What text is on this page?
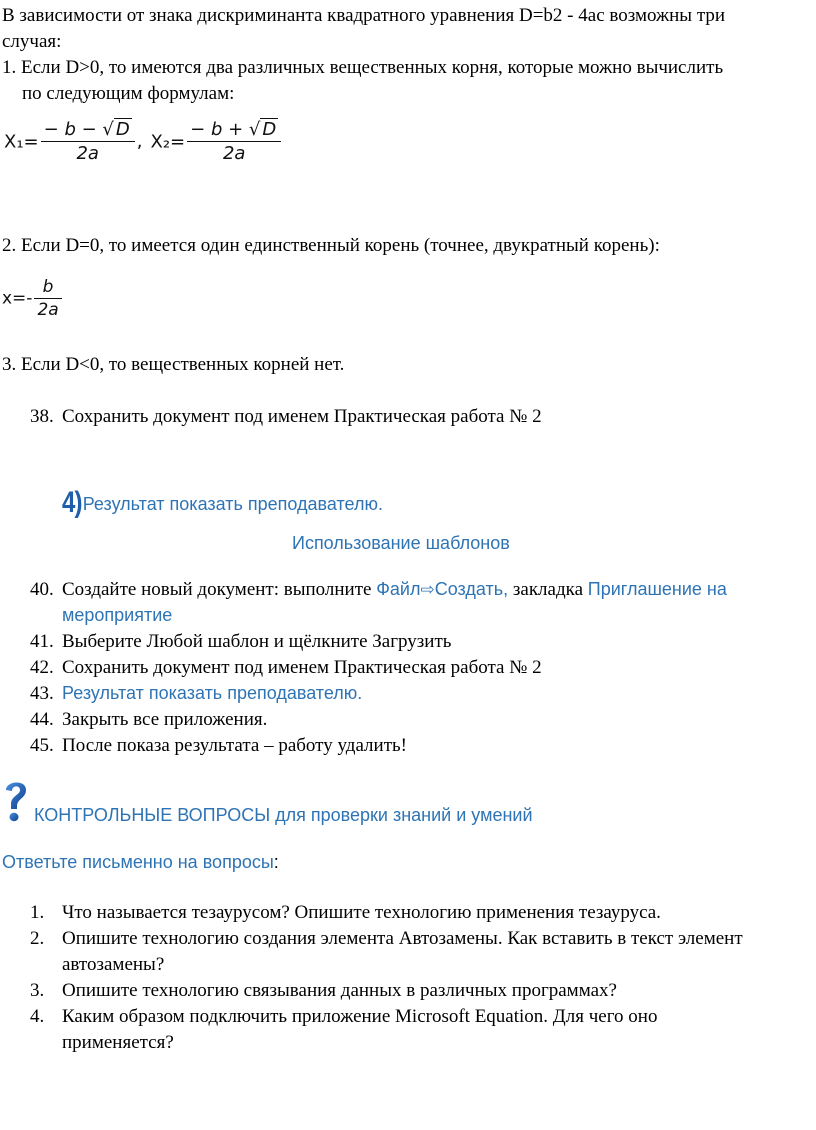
В зависимости от знака дискриминанта квадратного уравнения D=b2 - 4ac возможны три
случая:
1. Если D>0, то имеются два различных вещественных корня, которые можно вычислить
по следующим формулам:
$X_1= \frac{- b - √ D}{2a}$ , $X_2= \frac{- b + √ D}{2a}$
2. Если D=0, то имеется один единственный корень (точнее, двукратный корень):
$x=- \frac{b}{2a}$
3. Если D<0, то вещественных корней нет.
38. Сохранить документ под именем Практическая работа № 2
4)Результат показать преподавателю.
Использование шаблонов
40. Создайте новый документ: выполните Файл⇨Создать, закладка Приглашение на
мероприятие
41. Выберите Любой шаблон и щёлкните Загрузить
42. Сохранить документ под именем Практическая работа № 2
43. Результат показать преподавателю.
44. Закрыть все приложения.
45. После показа результата – работу удалить!
КОНТРОЛЬНЫЕ ВОПРОСЫ для проверки знаний и умений
Ответьте письменно на вопросы:
1. Что называется тезаурусом? Опишите технологию применения тезауруса.
2. Опишите технологию создания элемента Автозамены. Как вставить в текст элемент
автозамены?
3. Опишите технологию связывания данных в различных программах?
4. Каким образом подключить приложение Microsoft Equation. Для чего оно
применяется?
